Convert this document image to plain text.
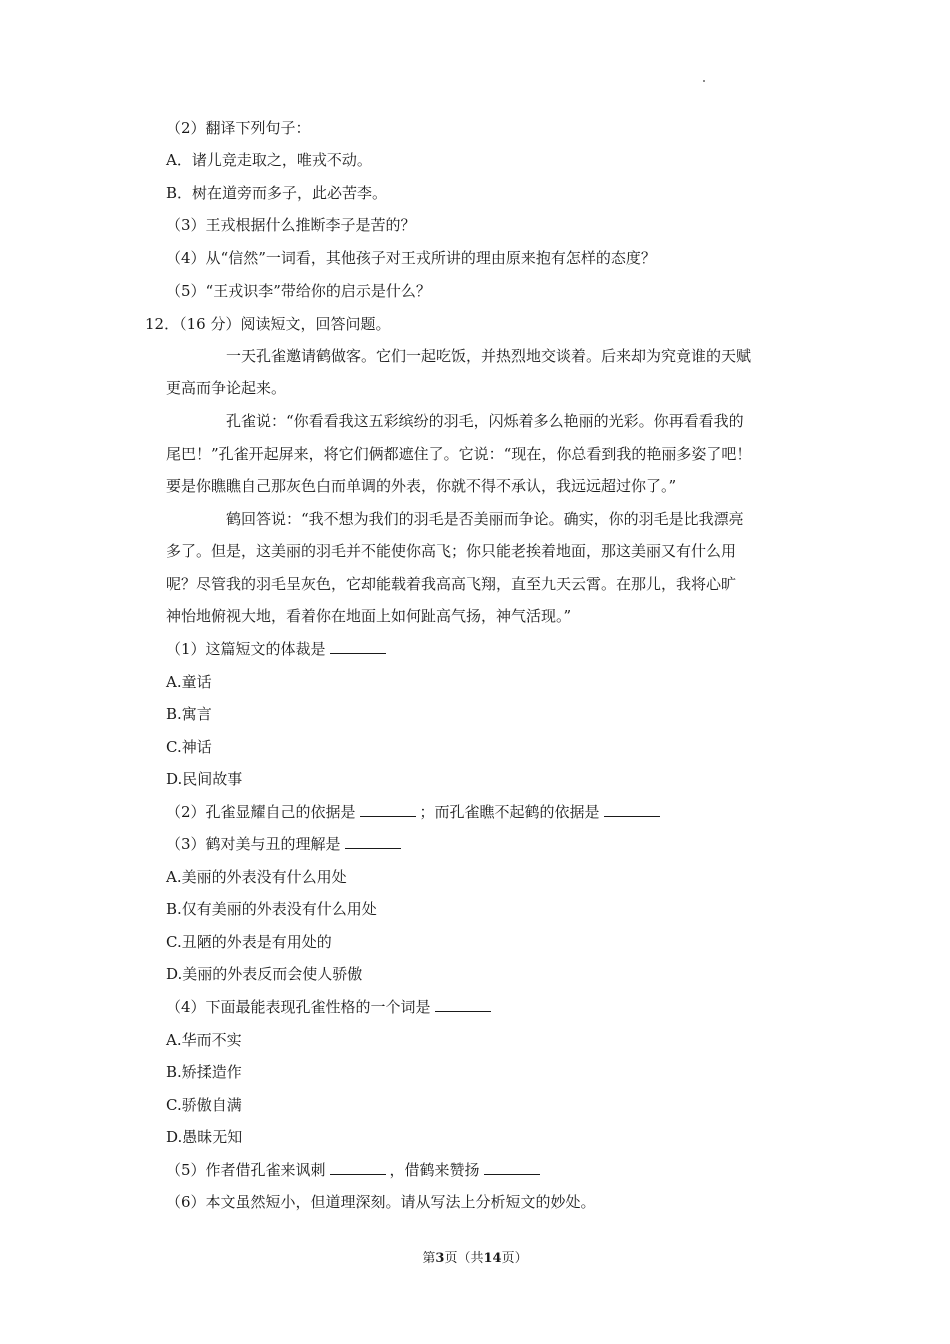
（2）翻译下列句子：
A．诸儿竞走取之，唯戎不动。
B．树在道旁而多子，此必苦李。
（3）王戎根据什么推断李子是苦的？
（4）从“信然”一词看，其他孩子对王戎所讲的理由原来抱有怎样的态度？
（5）“王戎识李”带给你的启示是什么？
12．（16 分）阅读短文，回答问题。
一天孔雀邀请鹤做客。它们一起吃饭，并热烈地交谈着。后来却为究竟谁的天赋
更高而争论起来。
孔雀说：“你看看我这五彩缤纷的羽毛，闪烁着多么艳丽的光彩。你再看看我的
尾巴！”孔雀开起屏来，将它们俩都遮住了。它说：“现在，你总看到我的艳丽多姿了吧！
要是你瞧瞧自己那灰色白而单调的外表，你就不得不承认，我远远超过你了。”
鹤回答说：“我不想为我们的羽毛是否美丽而争论。确实，你的羽毛是比我漂亮
多了。但是，这美丽的羽毛并不能使你高飞；你只能老挨着地面，那这美丽又有什么用
呢？尽管我的羽毛呈灰色，它却能载着我高高飞翔，直至九天云霄。在那儿，我将心旷
神怡地俯视大地，看着你在地面上如何趾高气扬，神气活现。”
（1）这篇短文的体裁是
A.童话
B.寓言
C.神话
D.民间故事
（2）孔雀显耀自己的依据是	；而孔雀瞧不起鹤的依据是
（3）鹤对美与丑的理解是
A.美丽的外表没有什么用处
B.仅有美丽的外表没有什么用处
C.丑陋的外表是有用处的
D.美丽的外表反而会使人骄傲
（4）下面最能表现孔雀性格的一个词是
A.华而不实
B.矫揉造作
C.骄傲自满
D.愚昧无知
（5）作者借孔雀来讽刺	，借鹤来赞扬
（6）本文虽然短小，但道理深刻。请从写法上分析短文的妙处。
第3页（共14页）
